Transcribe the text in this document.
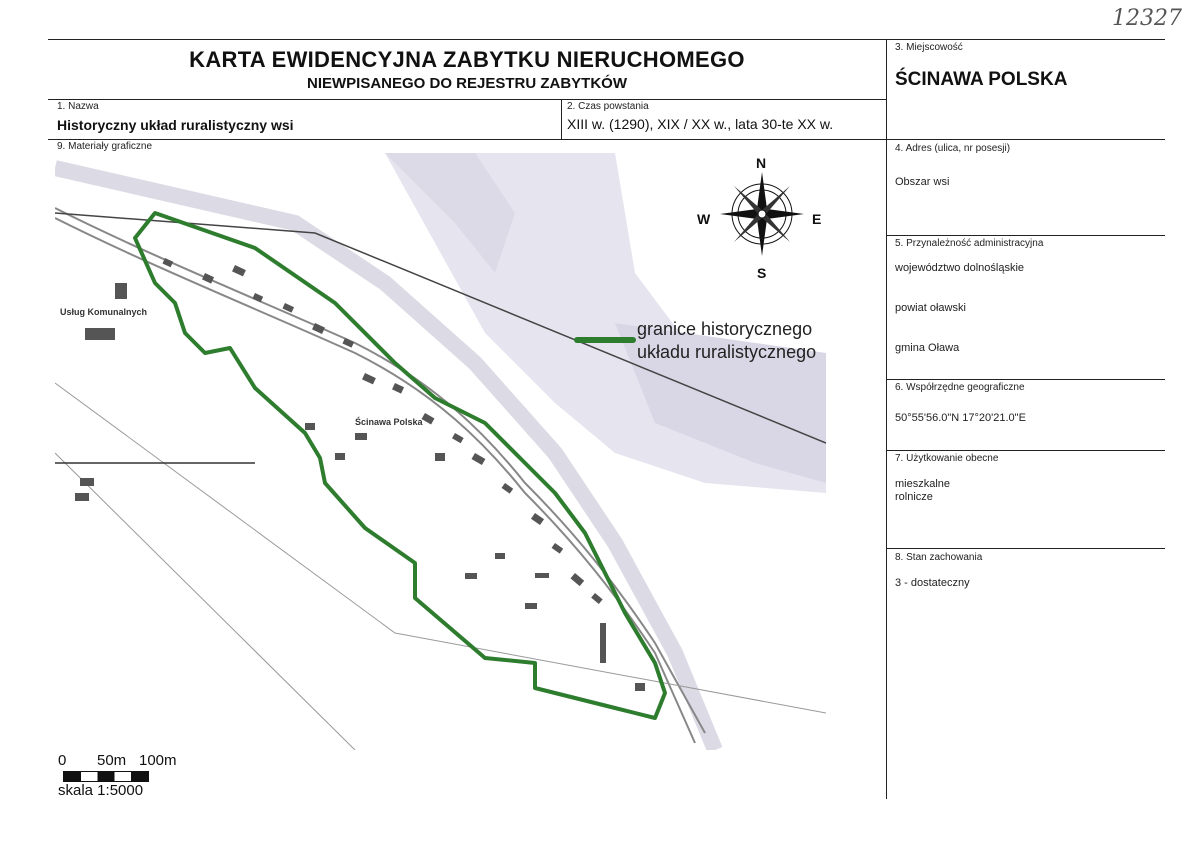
12327
KARTA EWIDENCYJNA ZABYTKU NIERUCHOMEGO
NIEWPISANEGO DO REJESTRU ZABYTKÓW
1. Nazwa
Historyczny układ ruralistyczny wsi
2. Czas powstania
XIII w. (1290), XIX / XX w., lata 30-te XX w.
3. Miejscowość
ŚCINAWA POLSKA
4. Adres (ulica, nr posesji)
Obszar wsi
5. Przynależność administracyjna
województwo dolnośląskie
powiat oławski
gmina Oława
6. Współrzędne geograficzne
50°55'56.0"N 17°20'21.0"E
7. Użytkowanie obecne
mieszkalne
rolnicze
8. Stan zachowania
3 - dostateczny
9. Materiały graficzne
N
S
E
W
granice historycznego
układu ruralistycznego
Ścinawa Polska
Usług Komunalnych
0 50m 100m
skala 1:5000
